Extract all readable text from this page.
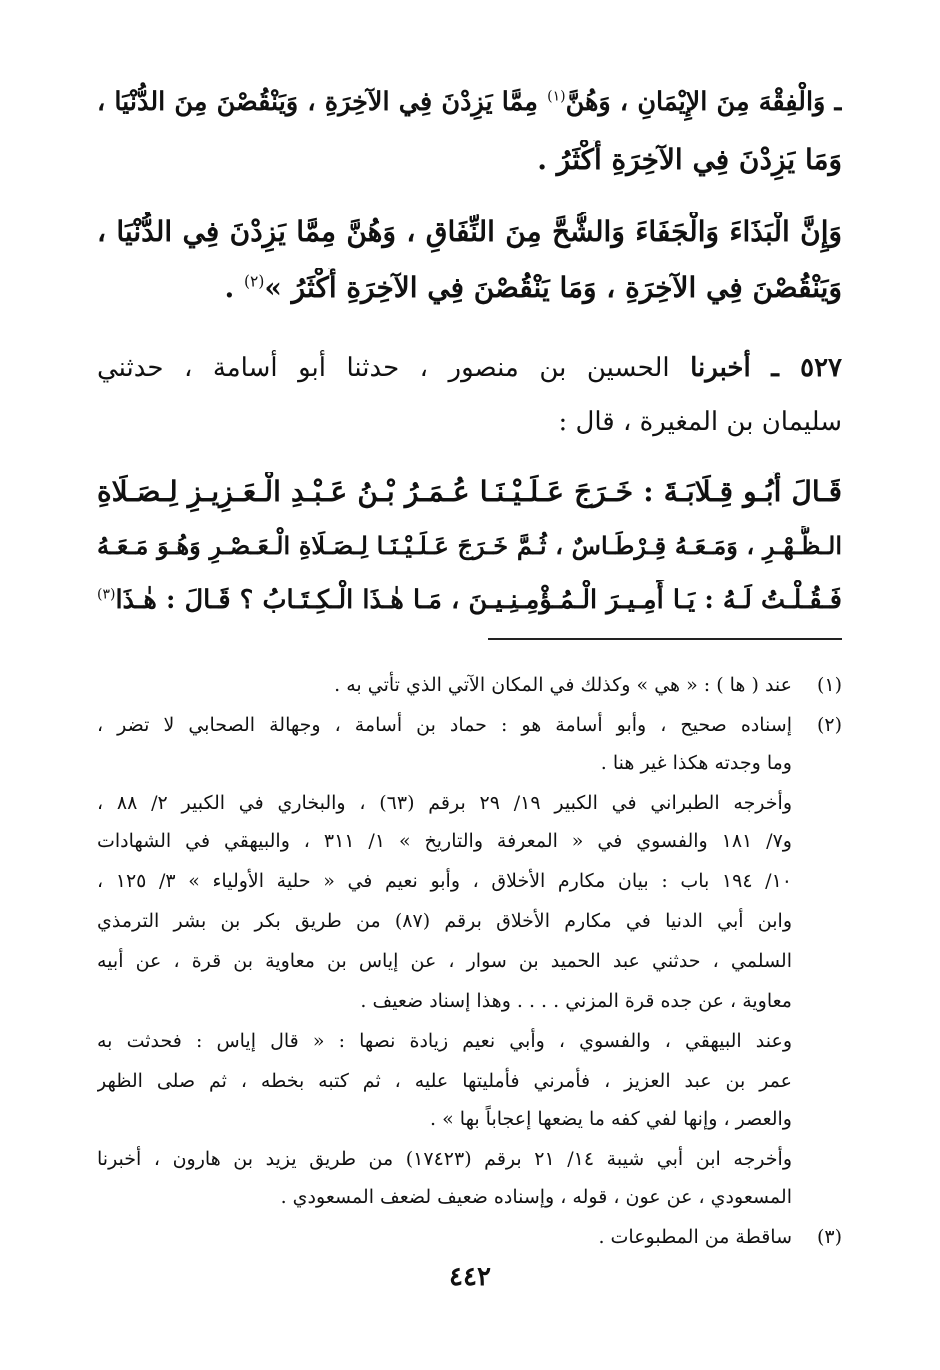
ـ وَالْفِقْهَ مِنَ الإِيْمَانِ ، وَهُنَّ$^{(١)}$ مِمَّا يَزِدْنَ فِي الآخِرَةِ ، وَيَنْقُصْنَ مِنَ الدُّنْيَا ،
وَمَا يَزِدْنَ فِي الآخِرَةِ أَكْثَرُ .
وَإِنَّ الْبَذَاءَ وَالْجَفَاءَ وَالشُّحَّ مِنَ النِّفَاقِ ، وَهُنَّ مِمَّا يَزِدْنَ فِي الدُّنْيَا ،
وَيَنْقُصْنَ فِي الآخِرَةِ ، وَمَا يَنْقُصْنَ فِي الآخِرَةِ أَكْثَرُ »$^{(٢)}$ .
٥٢٧ ـ أخبرنا الحسين بن منصور ، حدثنا أبو أسامة ، حدثني
سليمان بن المغيرة ، قال :
قَـالَ أَبُـو قِـلَابَـةَ : خَـرَجَ عَـلَـيْـنَـا عُـمَـرُ بْـنُ عَـبْـدِ الْـعَـزِيـزِ لِـصَـلَاةِ
الـظُّـهْـرِ ، وَمَـعَـهُ قِـرْطَـاسٌ ، ثُـمَّ خَـرَجَ عَـلَـيْـنَـا لِـصَـلَاةِ الْـعَـصْـرِ وَهُـوَ مَـعَـهُ
فَـقُـلْـتُ لَـهُ : يَـا أَمِـيـرَ الْـمُـؤْمِـنِـيـنَ ، مَـا هٰـذَا الْـكِـتَـابُ ؟ قَـالَ : هٰـذَا$^{(٣)}$
(١)
عند ( ها ) : « هي » وكذلك في المكان الآتي الذي تأتي به .
(٢)
إسناده صحيح ، وأبو أسامة هو : حماد بن أسامة ، وجهالة الصحابي لا تضر ،
وما وجدته هكذا غير هنا .
وأخرجه الطبراني في الكبير ١٩/ ٢٩ برقم (٦٣) ، والبخاري في الكبير ٢/ ٨٨ ،
و٧/ ١٨١ والفسوي في « المعرفة والتاريخ » ١/ ٣١١ ، والبيهقي في الشهادات
١٠/ ١٩٤ باب : بيان مكارم الأخلاق ، وأبو نعيم في « حلية الأولياء » ٣/ ١٢٥ ،
وابن أبي الدنيا في مكارم الأخلاق برقم (٨٧) من طريق بكر بن بشر الترمذي
السلمي ، حدثني عبد الحميد بن سوار ، عن إياس بن معاوية بن قرة ، عن أبيه
معاوية ، عن جده قرة المزني . . . . وهذا إسناد ضعيف .
وعند البيهقي ، والفسوي ، وأبي نعيم زيادة نصها : « قال إياس : فحدثت به
عمر بن عبد العزيز ، فأمرني فأمليتها عليه ، ثم كتبه بخطه ، ثم صلى الظهر
والعصر ، وإنها لفي كفه ما يضعها إعجاباً بها » .
وأخرجه ابن أبي شيبة ١٤/ ٢١ برقم (١٧٤٢٣) من طريق يزيد بن هارون ، أخبرنا
المسعودي ، عن عون ، قوله ، وإسناده ضعيف لضعف المسعودي .
(٣)
ساقطة من المطبوعات .
٤٤٢
